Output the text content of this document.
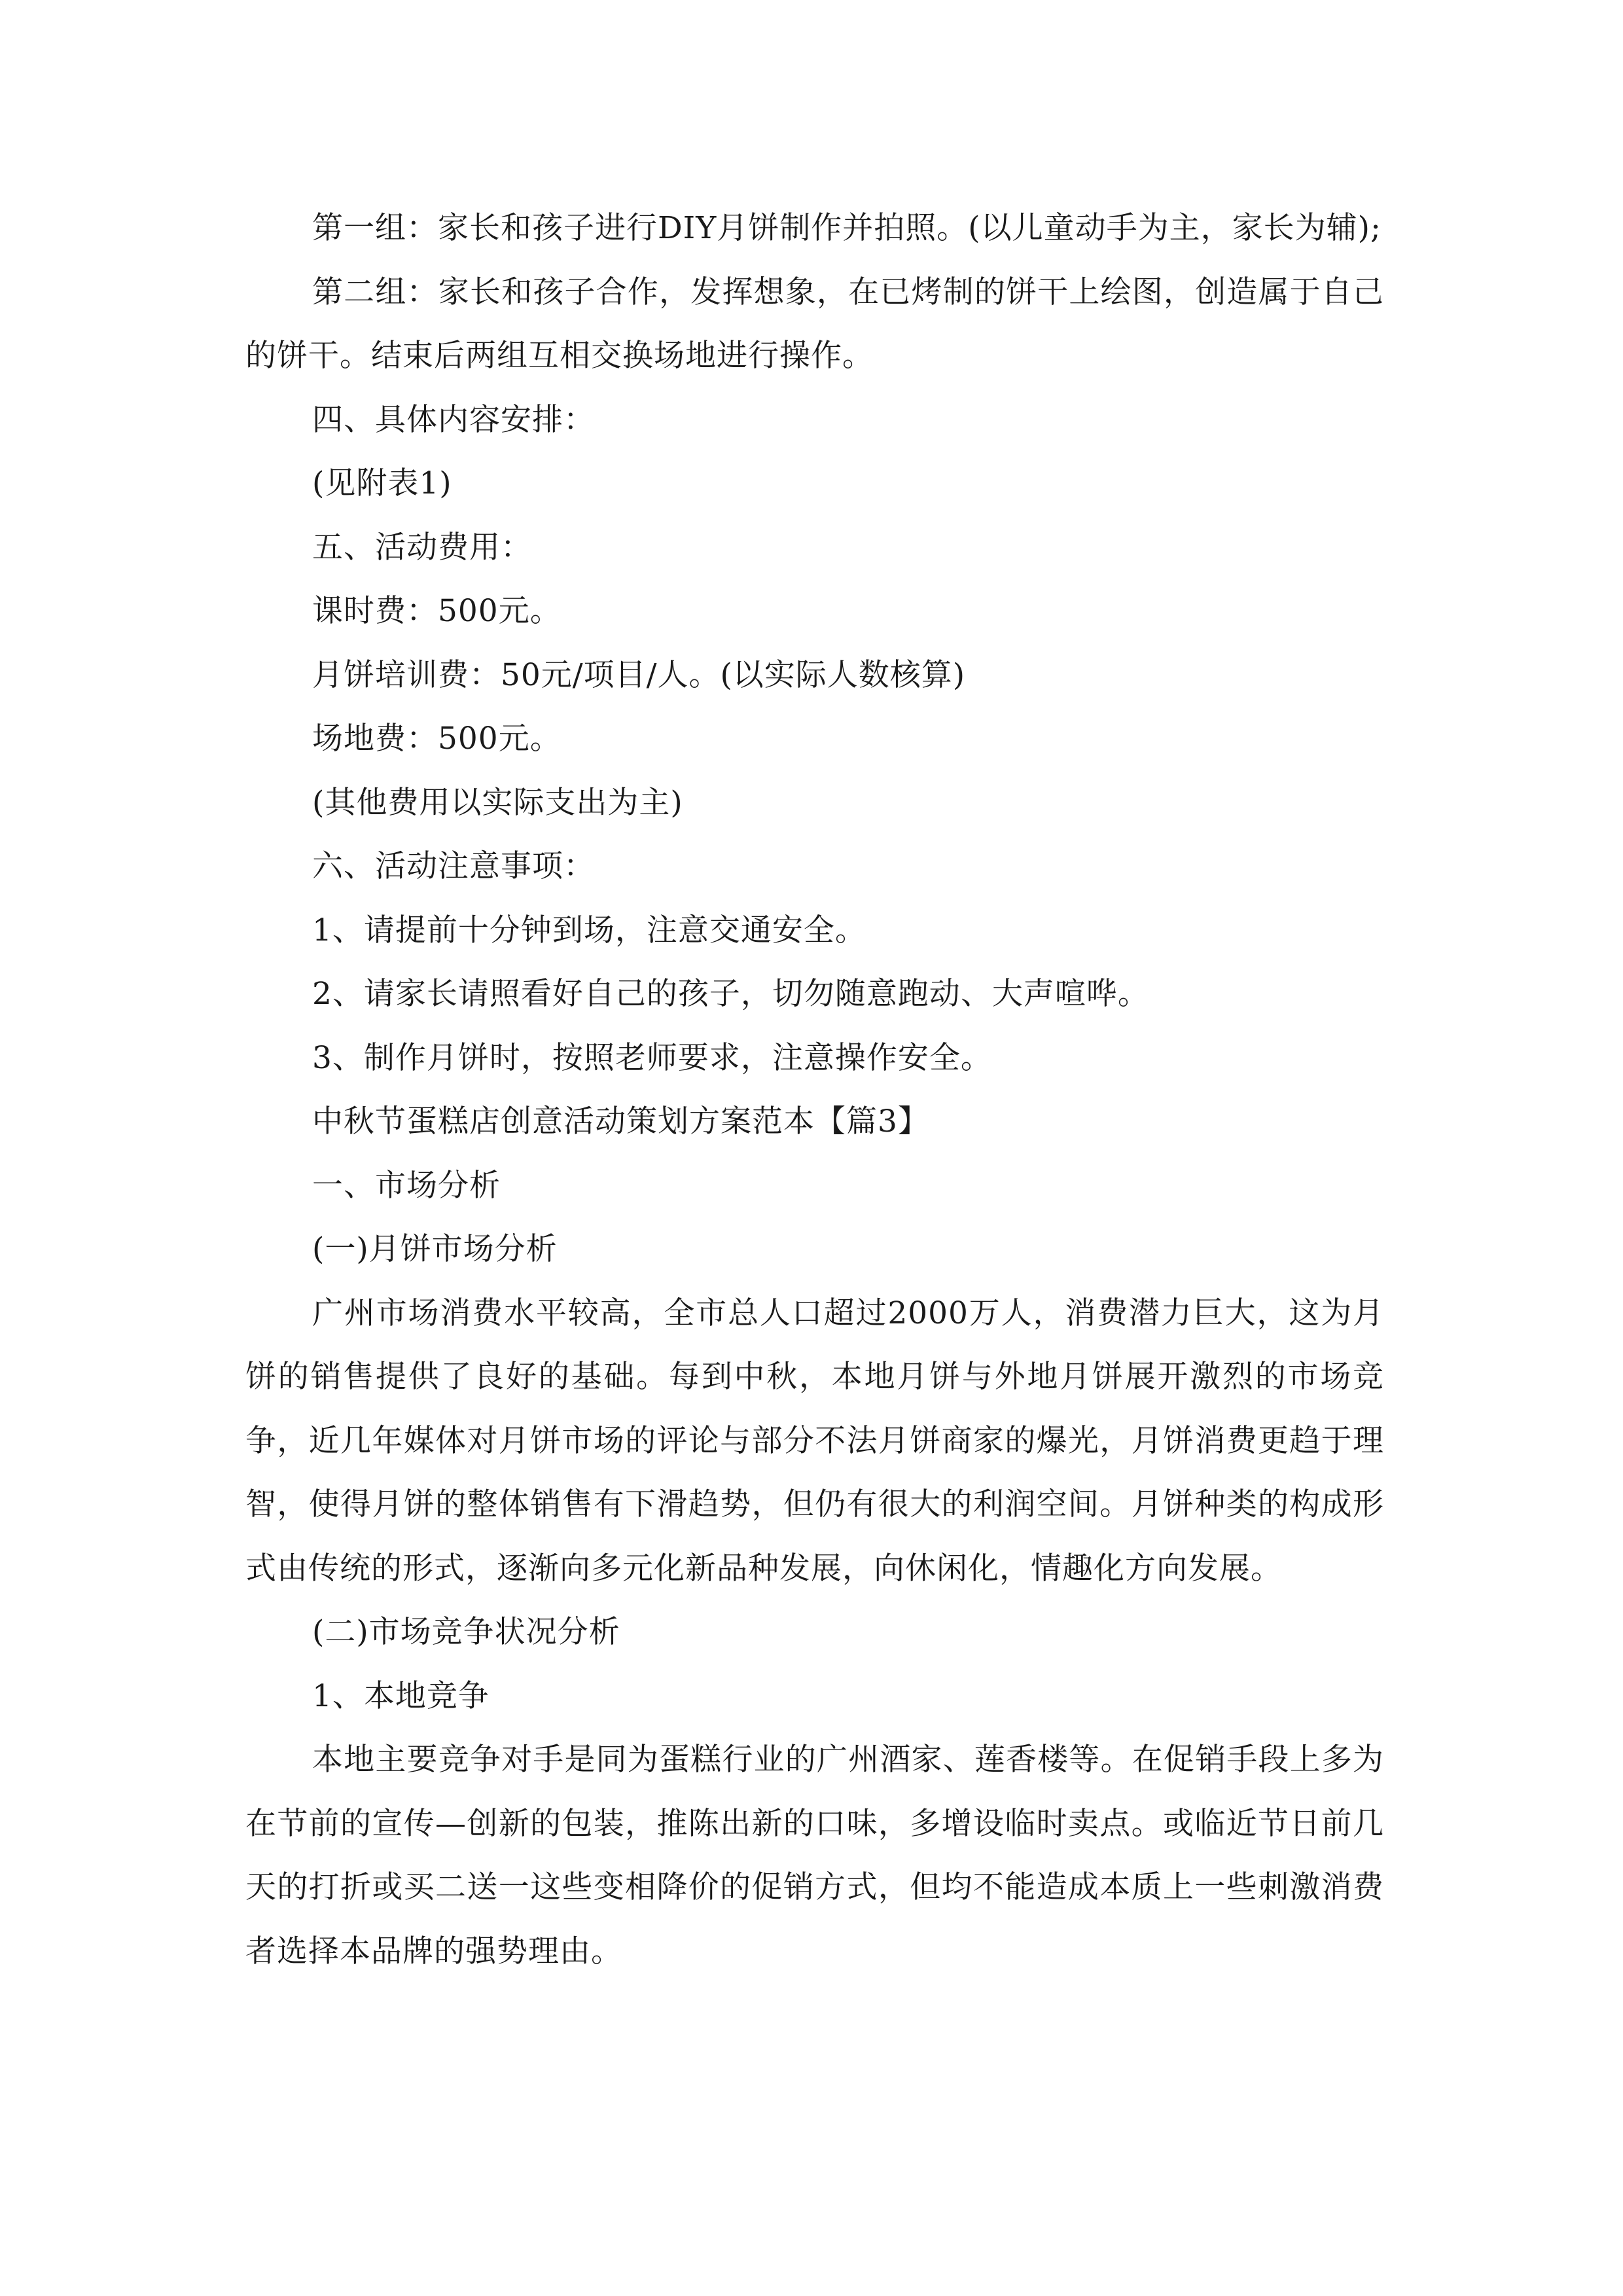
第一组：家长和孩子进行DIY月饼制作并拍照。(以儿童动手为主，家长为辅);

第二组：家长和孩子合作，发挥想象，在已烤制的饼干上绘图，创造属于自己的饼干。结束后两组互相交换场地进行操作。

四、具体内容安排：

(见附表1)

五、活动费用：

课时费：500元。

月饼培训费：50元/项目/人。(以实际人数核算)

场地费：500元。

(其他费用以实际支出为主)

六、活动注意事项：

1、请提前十分钟到场，注意交通安全。

2、请家长请照看好自己的孩子，切勿随意跑动、大声喧哗。

3、制作月饼时，按照老师要求，注意操作安全。

中秋节蛋糕店创意活动策划方案范本【篇3】

一、市场分析

(一)月饼市场分析

广州市场消费水平较高，全市总人口超过2000万人，消费潜力巨大，这为月饼的销售提供了良好的基础。每到中秋，本地月饼与外地月饼展开激烈的市场竞争，近几年媒体对月饼市场的评论与部分不法月饼商家的爆光，月饼消费更趋于理智，使得月饼的整体销售有下滑趋势，但仍有很大的利润空间。月饼种类的构成形式由传统的形式，逐渐向多元化新品种发展，向休闲化，情趣化方向发展。

(二)市场竞争状况分析

1、本地竞争

本地主要竞争对手是同为蛋糕行业的广州酒家、莲香楼等。在促销手段上多为在节前的宣传—创新的包装，推陈出新的口味，多增设临时卖点。或临近节日前几天的打折或买二送一这些变相降价的促销方式，但均不能造成本质上一些刺激消费者选择本品牌的强势理由。
